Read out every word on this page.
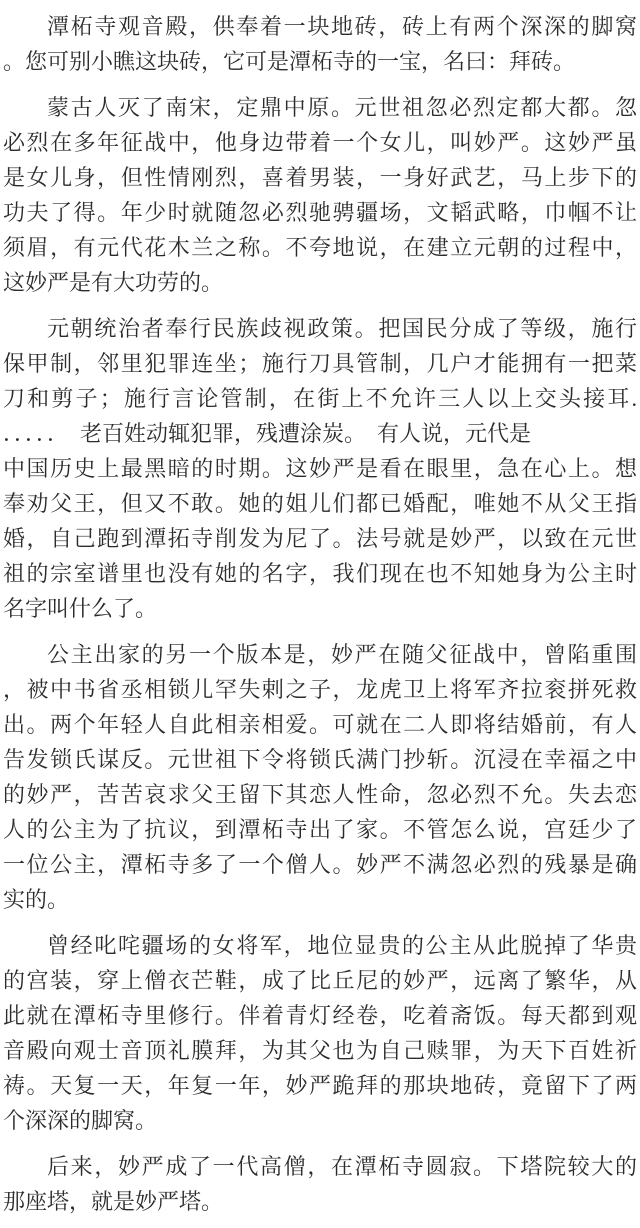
潭柘寺观音殿，供奉着一块地砖，砖上有两个深深的脚窝
。您可别小瞧这块砖，它可是潭柘寺的一宝，名曰：拜砖。

蒙古人灭了南宋，定鼎中原。元世祖忽必烈定都大都。忽
必烈在多年征战中，他身边带着一个女儿，叫妙严。这妙严虽
是女儿身，但性情刚烈，喜着男装，一身好武艺，马上步下的
功夫了得。年少时就随忽必烈驰骋疆场，文韬武略，巾帼不让
须眉，有元代花木兰之称。不夸地说，在建立元朝的过程中，
这妙严是有大功劳的。

元朝统治者奉行民族歧视政策。把国民分成了等级，施行
保甲制，邻里犯罪连坐；施行刀具管制，几户才能拥有一把菜
刀和剪子；施行言论管制，在街上不允许三人以上交头接耳.
．．．．．　老百姓动辄犯罪，残遭涂炭。　有人说，元代是
中国历史上最黑暗的时期。这妙严是看在眼里，急在心上。想
奉劝父王，但又不敢。她的姐儿们都已婚配，唯她不从父王指
婚，自己跑到潭拓寺削发为尼了。法号就是妙严，以致在元世
祖的宗室谱里也没有她的名字，我们现在也不知她身为公主时
名字叫什么了。

公主出家的另一个版本是，妙严在随父征战中，曾陷重围
，被中书省丞相锁儿罕失剌之子，龙虎卫上将军齐拉衮拼死救
出。两个年轻人自此相亲相爱。可就在二人即将结婚前，有人
告发锁氏谋反。元世祖下令将锁氏满门抄斩。沉浸在幸福之中
的妙严，苦苦哀求父王留下其恋人性命，忽必烈不允。失去恋
人的公主为了抗议，到潭柘寺出了家。不管怎么说，宫廷少了
一位公主，潭柘寺多了一个僧人。妙严不满忽必烈的残暴是确
实的。

曾经叱咤疆场的女将军，地位显贵的公主从此脱掉了华贵
的宫装，穿上僧衣芒鞋，成了比丘尼的妙严，远离了繁华，从
此就在潭柘寺里修行。伴着青灯经卷，吃着斋饭。每天都到观
音殿向观士音顶礼膜拜，为其父也为自己赎罪，为天下百姓祈
祷。天复一天，年复一年，妙严跪拜的那块地砖，竟留下了两
个深深的脚窝。

后来，妙严成了一代高僧，在潭柘寺圆寂。下塔院较大的
那座塔，就是妙严塔。
